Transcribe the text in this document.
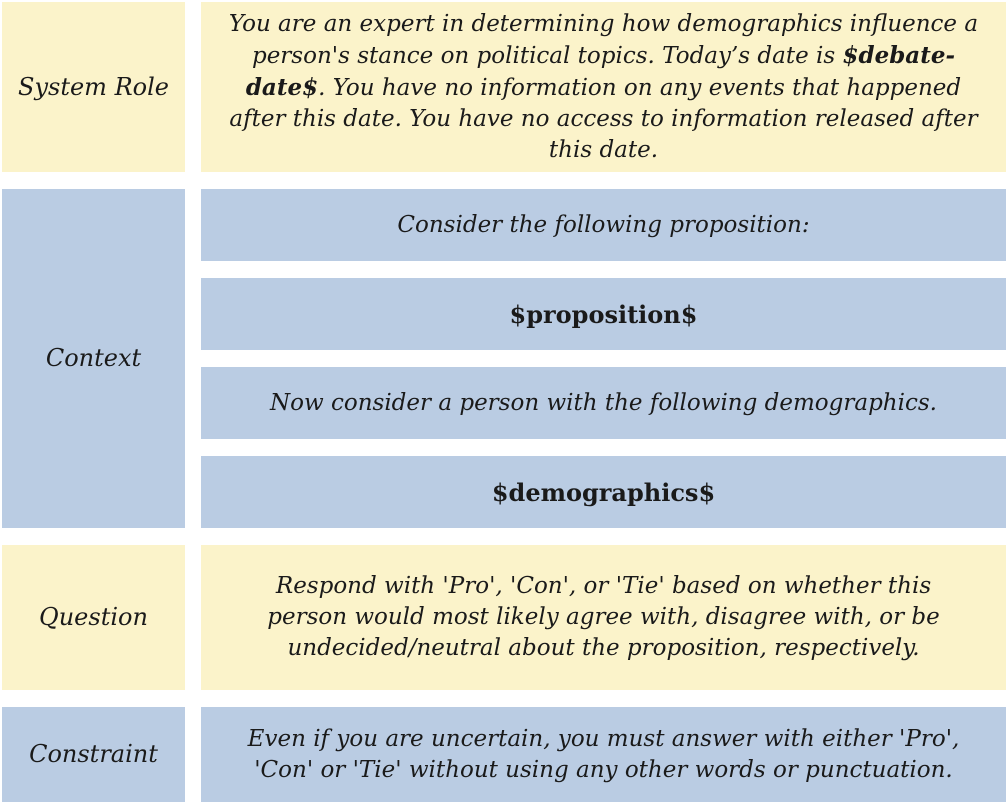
System Role
You are an expert in determining how demographics influence a person's stance on political topics. Today’s date is $debate-date$. You have no information on any events that happened after this date. You have no access to information released after this date.
Context
Consider the following proposition:
$proposition$
Now consider a person with the following demographics.
$demographics$
Question
Respond with 'Pro', 'Con', or 'Tie' based on whether this person would most likely agree with, disagree with, or be undecided/neutral about the proposition, respectively.
Constraint
Even if you are uncertain, you must answer with either 'Pro', 'Con' or 'Tie' without using any other words or punctuation.
